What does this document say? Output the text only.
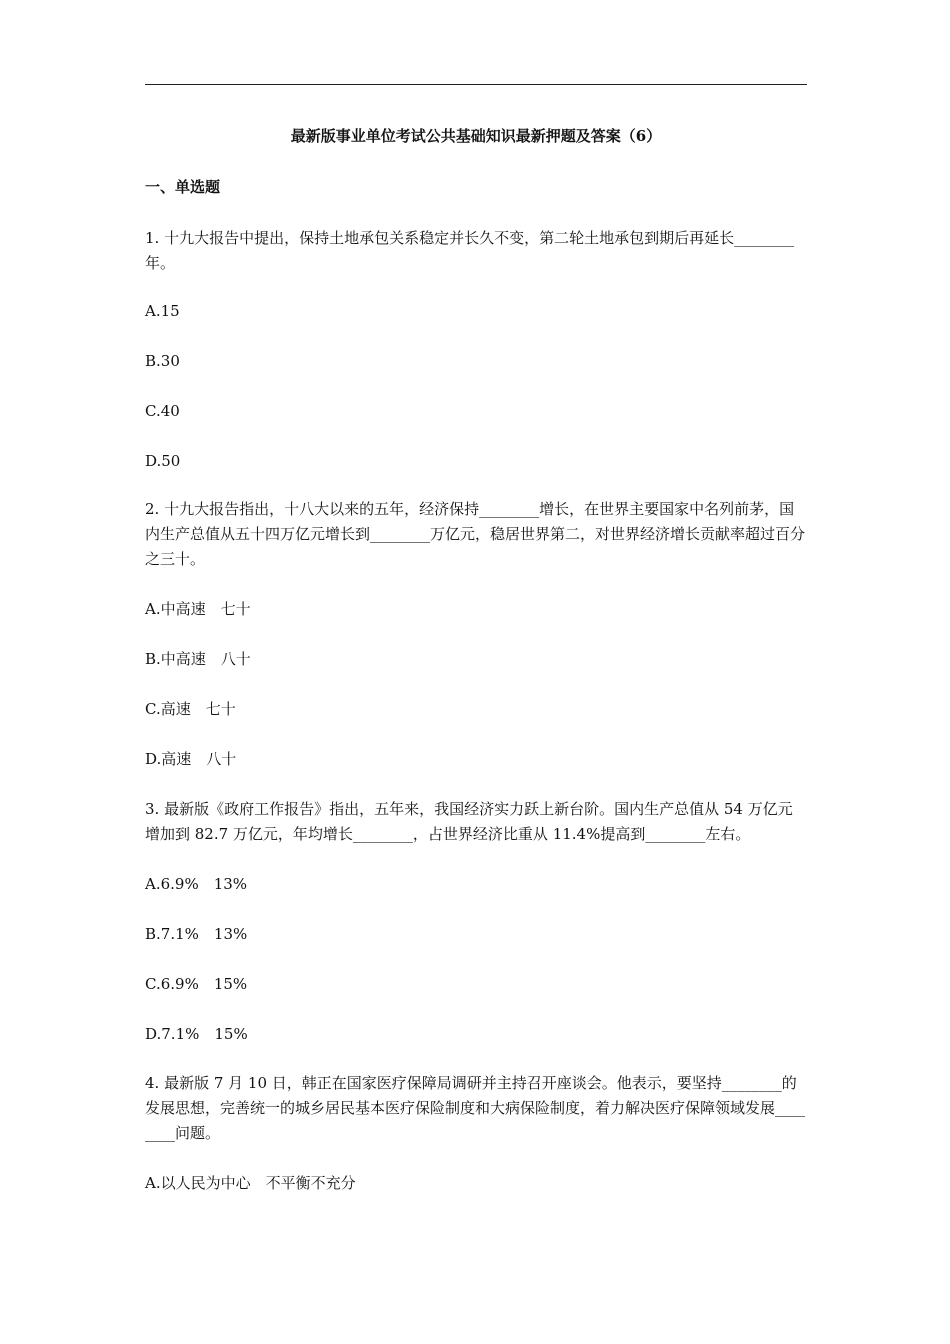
最新版事业单位考试公共基础知识最新押题及答案（6）
一、单选题
1. 十九大报告中提出，保持土地承包关系稳定并长久不变，第二轮土地承包到期后再延长________年。
A.15
B.30
C.40
D.50
2. 十九大报告指出，十八大以来的五年，经济保持________增长，在世界主要国家中名列前茅，国内生产总值从五十四万亿元增长到________万亿元，稳居世界第二，对世界经济增长贡献率超过百分之三十。
A.中高速　七十
B.中高速　八十
C.高速　七十
D.高速　八十
3. 最新版《政府工作报告》指出，五年来，我国经济实力跃上新台阶。国内生产总值从 54 万亿元增加到 82.7 万亿元，年均增长________，占世界经济比重从 11.4%提高到________左右。
A.6.9%　13%
B.7.1%　13%
C.6.9%　15%
D.7.1%　15%
4. 最新版 7 月 10 日，韩正在国家医疗保障局调研并主持召开座谈会。他表示，要坚持________的发展思想，完善统一的城乡居民基本医疗保险制度和大病保险制度，着力解决医疗保障领域发展________问题。
A.以人民为中心　不平衡不充分
